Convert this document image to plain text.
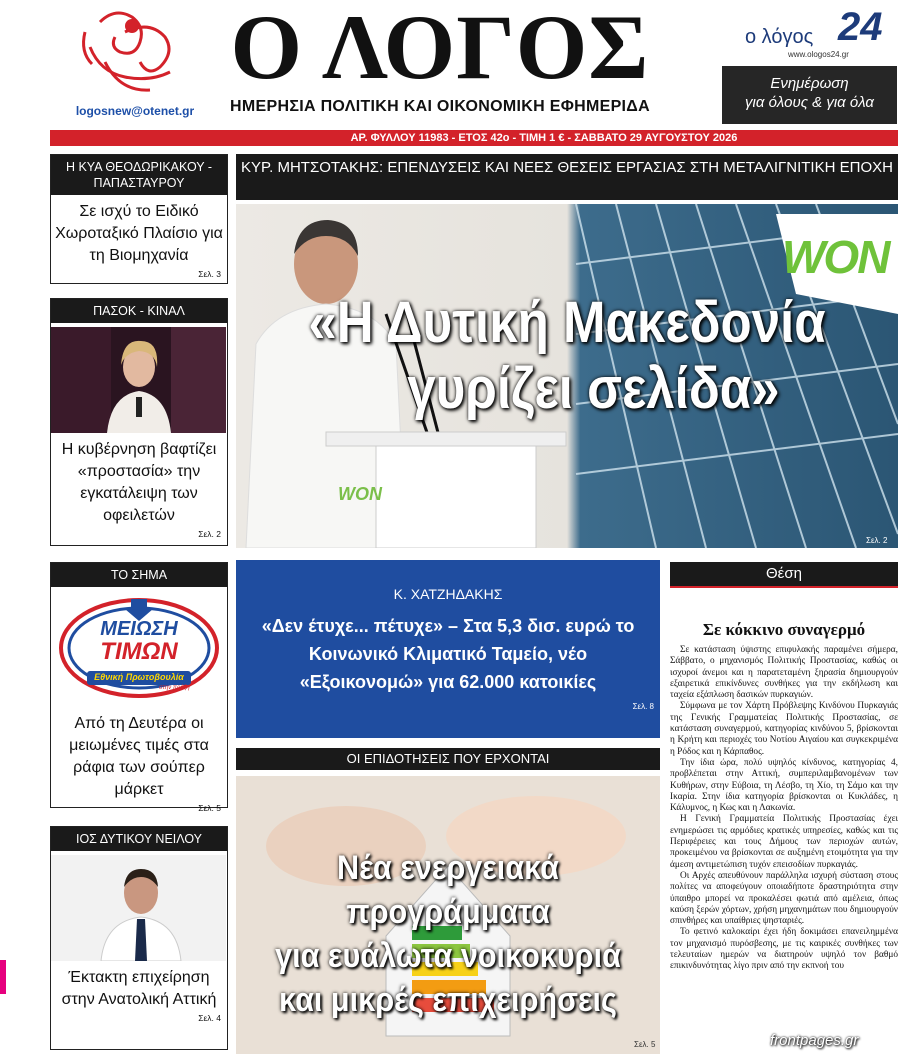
logosnew@otenet.gr
Ο ΛΟΓΟΣ
ΗΜΕΡΗΣΙΑ ΠΟΛΙΤΙΚΗ ΚΑΙ ΟΙΚΟΝΟΜΙΚΗ ΕΦΗΜΕΡΙΔΑ
ο λόγος 24
www.ologos24.gr
Ενημέρωση
για όλους & για όλα
ΑΡ. ΦΥΛΛΟΥ 11983 - ΕΤΟΣ 42ο - ΤΙΜΗ 1 € - ΣΑΒΒΑΤΟ 29 ΑΥΓΟΥΣΤΟΥ 2026
Η ΚΥΑ ΘΕΟΔΩΡΙΚΑΚΟΥ - ΠΑΠΑΣΤΑΥΡΟΥ
Σε ισχύ το Ειδικό Χωροταξικό Πλαίσιο για τη Βιομηχανία
Σελ. 3
ΠΑΣΟΚ - ΚΙΝΑΛ
Η κυβέρνηση βαφτίζει «προστασία» την εγκατάλειψη των οφειλετών
Σελ. 2
ΤΟ ΣΗΜΑ
ΜΕΙΩΣΗ
ΤΙΜΩΝ
Εθνική Πρωτοβουλία
στην πράξη
Από τη Δευτέρα οι μειωμένες τιμές στα ράφια των σούπερ μάρκετ
Σελ. 5
ΙΟΣ ΔΥΤΙΚΟΥ ΝΕΙΛΟΥ
Έκτακτη επιχείρηση στην Ανατολική Αττική
Σελ. 4
ΚΥΡ. ΜΗΤΣΟΤΑΚΗΣ: ΕΠΕΝΔΥΣΕΙΣ ΚΑΙ ΝΕΕΣ ΘΕΣΕΙΣ ΕΡΓΑΣΙΑΣ ΣΤΗ ΜΕΤΑΛΙΓΝΙΤΙΚΗ ΕΠΟΧΗ
WON
WON
«Η Δυτική Μακεδονία
γυρίζει σελίδα»
Σελ. 2
Κ. ΧΑΤΖΗΔΑΚΗΣ
«Δεν έτυχε... πέτυχε» – Στα 5,3 δισ. ευρώ το Κοινωνικό Κλιματικό Ταμείο, νέο «Εξοικονομώ» για 62.000 κατοικίες
Σελ. 8
ΟΙ ΕΠΙΔΟΤΗΣΕΙΣ ΠΟΥ ΕΡΧΟΝΤΑΙ
Νέα ενεργειακά προγράμματα
για ευάλωτα νοικοκυριά
και μικρές επιχειρήσεις
Σελ. 5
Θέση
Σε κόκκινο συναγερμό

Σε κατάσταση ύψιστης επιφυλακής παραμένει σήμερα, Σάββατο, ο μηχανισμός Πολιτικής Προστασίας, καθώς οι ισχυροί άνεμοι και η παρατεταμένη ξηρασία δημιουργούν εξαιρετικά επικίνδυνες συνθήκες για την εκδήλωση και ταχεία εξάπλωση δασικών πυρκαγιών.

Σύμφωνα με τον Χάρτη Πρόβλεψης Κινδύνου Πυρκαγιάς της Γενικής Γραμματείας Πολιτικής Προστασίας, σε κατάσταση συναγερμού, κατηγορίας κινδύνου 5, βρίσκονται η Κρήτη και περιοχές του Νοτίου Αιγαίου και συγκεκριμένα η Ρόδος και η Κάρπαθος.

Την ίδια ώρα, πολύ υψηλός κίνδυνος, κατηγορίας 4, προβλέπεται στην Αττική, συμπεριλαμβανομένων των Κυθήρων, στην Εύβοια, τη Λέσβο, τη Χίο, τη Σάμο και την Ικαρία. Στην ίδια κατηγορία βρίσκονται οι Κυκλάδες, η Κάλυμνος, η Κως και η Λακωνία.

Η Γενική Γραμματεία Πολιτικής Προστασίας έχει ενημερώσει τις αρμόδιες κρατικές υπηρεσίες, καθώς και τις Περιφέρειες και τους Δήμους των περιοχών αυτών, προκειμένου να βρίσκονται σε αυξημένη ετοιμότητα για την άμεση αντιμετώπιση τυχόν επεισοδίων πυρκαγιάς.

Οι Αρχές απευθύνουν παράλληλα ισχυρή σύσταση στους πολίτες να αποφεύγουν οποιαδήποτε δραστηριότητα στην ύπαιθρο μπορεί να προκαλέσει φωτιά από αμέλεια, όπως καύση ξερών χόρτων, χρήση μηχανημάτων που δημιουργούν σπινθήρες και υπαίθριες ψησταριές.

Το φετινό καλοκαίρι έχει ήδη δοκιμάσει επανειλημμένα τον μηχανισμό πυρόσβεσης, με τις καιρικές συνθήκες των τελευταίων ημερών να διατηρούν υψηλό τον βαθμό επικινδυνότητας λίγο πριν από την εκπνοή του

frontpages.gr
